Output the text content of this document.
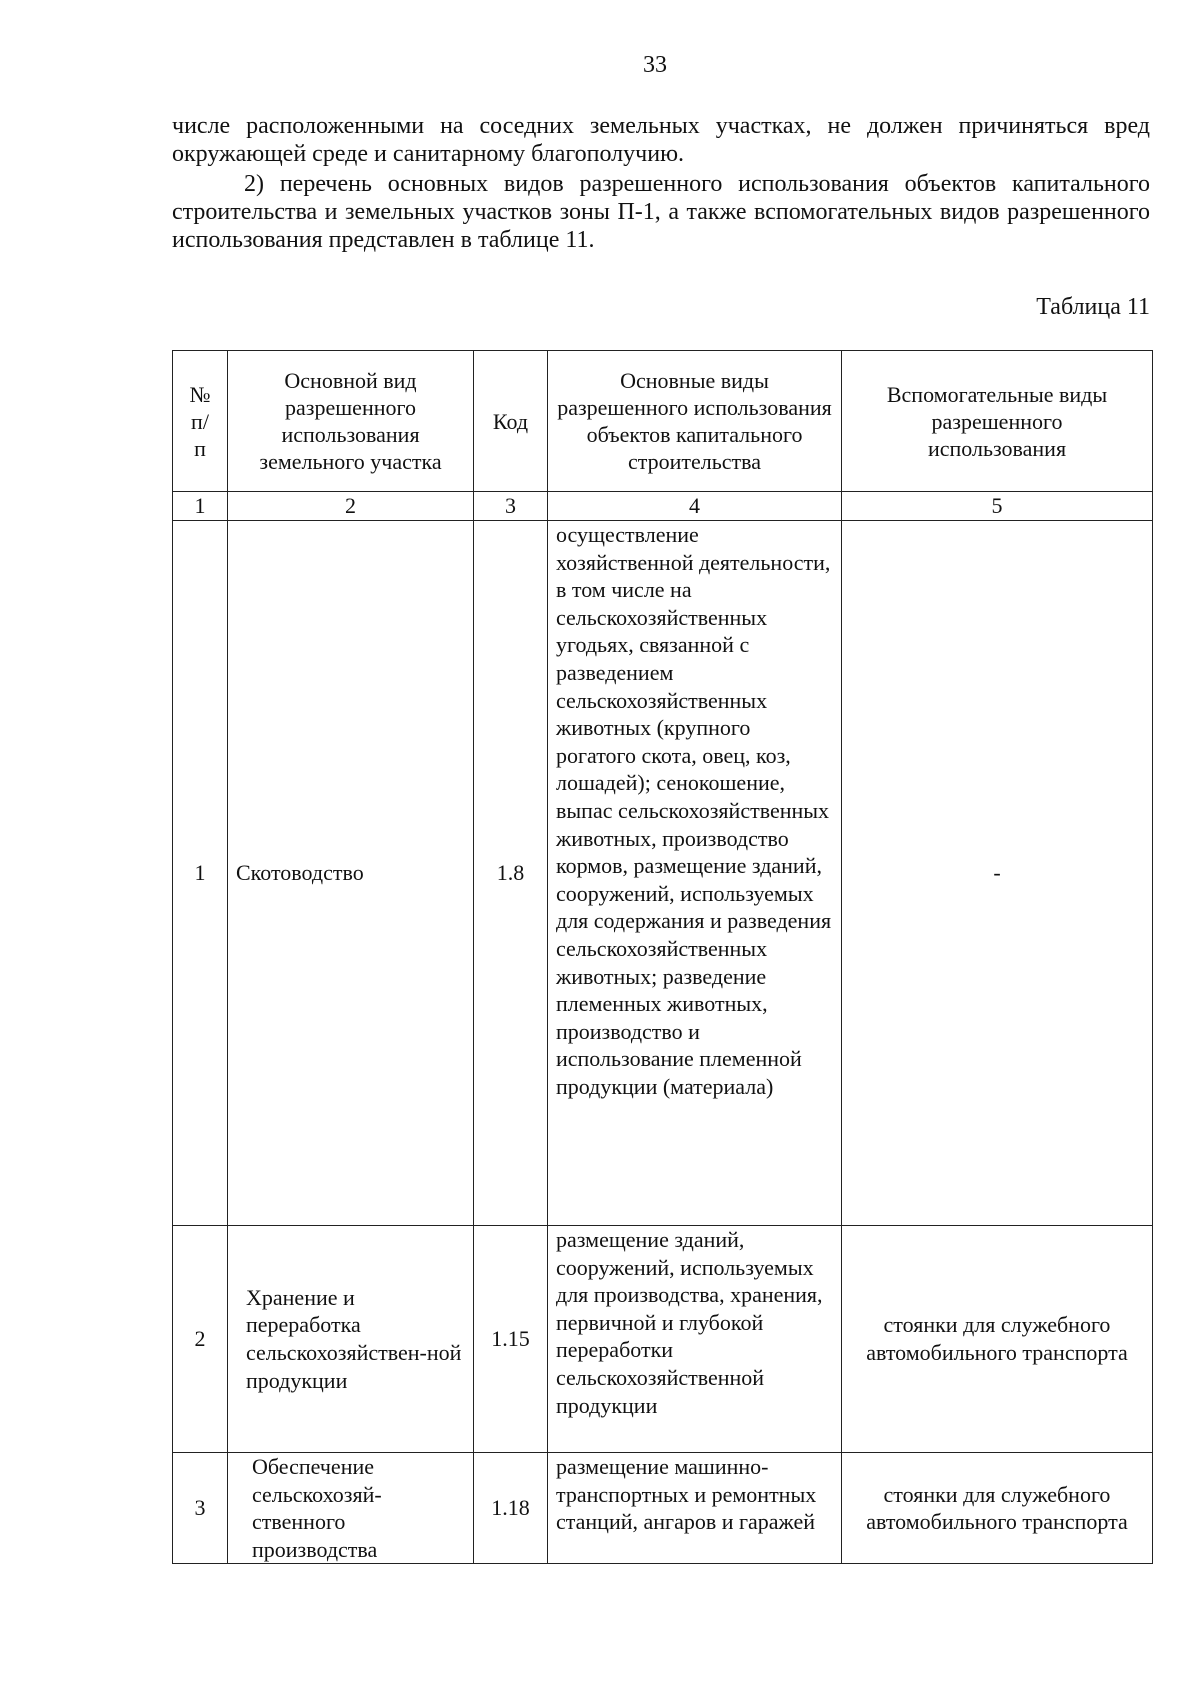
33
числе расположенными на соседних земельных участках, не должен причиняться вред окружающей среде и санитарному благополучию.
2) перечень основных видов разрешенного использования объектов капитального строительства и земельных участков зоны П-1, а также вспомогательных видов разрешенного использования представлен в таблице 11.
Таблица 11
№ п/п	Основной вид разрешенного использования земельного участка	Код	Основные виды разрешенного использования объектов капитального строительства	Вспомогательные виды разрешенного использования
1	2	3	4	5
1	Скотоводство	1.8	осуществление хозяйственной деятельности, в том числе на сельскохозяйственных угодьях, связанной с разведением сельскохозяйственных животных (крупного рогатого скота, овец, коз, лошадей); сенокошение, выпас сельскохозяйственных животных, производство кормов, размещение зданий, сооружений, используемых для содержания и разведения сельскохозяйственных животных; разведение племенных животных, производство и использование племенной продукции (материала)	-
2	Хранение и переработка сельскохозяйствен-ной продукции	1.15	размещение зданий, сооружений, используемых для производства, хранения, первичной и глубокой переработки сельскохозяйственной продукции	стоянки для служебного автомобильного транспорта
3	Обеспечение сельскохозяй-ственного производства	1.18	размещение машинно-транспортных и ремонтных станций, ангаров и гаражей	стоянки для служебного автомобильного транспорта
